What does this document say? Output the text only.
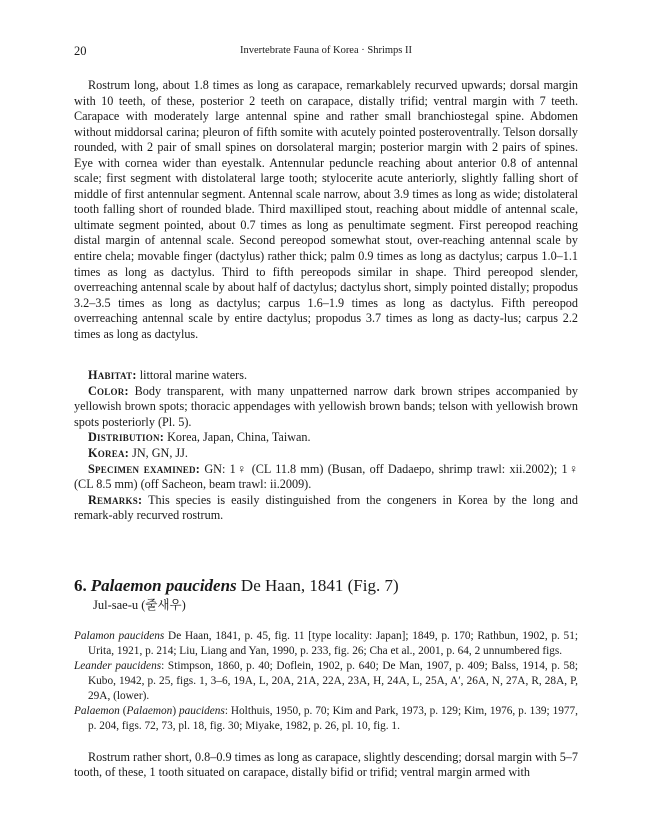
20	Invertebrate Fauna of Korea · Shrimps II

Rostrum long, about 1.8 times as long as carapace, remarkablely recurved upwards; dorsal margin with 10 teeth, of these, posterior 2 teeth on carapace, distally trifid; ventral margin with 7 teeth. Carapace with moderately large antennal spine and rather small branchiostegal spine. Abdomen without middorsal carina; pleuron of fifth somite with acutely pointed posteroventrally. Telson dorsally rounded, with 2 pair of small spines on dorsolateral margin; posterior margin with 2 pairs of spines. Eye with cornea wider than eyestalk. Antennular peduncle reaching about anterior 0.8 of antennal scale; first segment with distolateral large tooth; stylocerite acute anteriorly, slightly falling short of middle of first antennular segment. Antennal scale narrow, about 3.9 times as long as wide; distolateral tooth falling short of rounded blade. Third maxilliped stout, reaching about middle of antennal scale, ultimate segment pointed, about 0.7 times as long as penultimate segment. First pereopod reaching distal margin of antennal scale. Second pereopod somewhat stout, over-reaching antennal scale by entire chela; movable finger (dactylus) rather thick; palm 0.9 times as long as dactylus; carpus 1.0–1.1 times as long as dactylus. Third to fifth pereopods similar in shape. Third pereopod slender, overreaching antennal scale by about half of dactylus; dactylus short, simply pointed distally; propodus 3.2–3.5 times as long as dactylus; carpus 1.6–1.9 times as long as dactylus. Fifth pereopod overreaching antennal scale by entire dactylus; propodus 3.7 times as long as dacty-lus; carpus 2.2 times as long as dactylus.

Habitat: littoral marine waters.

Color: Body transparent, with many unpatterned narrow dark brown stripes accompanied by yellowish brown spots; thoracic appendages with yellowish brown bands; telson with yellowish brown spots posteriorly (Pl. 5).

Distribution: Korea, Japan, China, Taiwan.

Korea: JN, GN, JJ.

Specimen examined: GN: 1♀ (CL 11.8 mm) (Busan, off Dadaepo, shrimp trawl: xii.2002); 1♀ (CL 8.5 mm) (off Sacheon, beam trawl: ii.2009).

Remarks: This species is easily distinguished from the congeners in Korea by the long and remark-ably recurved rostrum.

6. Palaemon paucidens De Haan, 1841 (Fig. 7)
Jul-sae-u (줄새우)

Palamon paucidens De Haan, 1841, p. 45, fig. 11 [type locality: Japan]; 1849, p. 170; Rathbun, 1902, p. 51; Urita, 1921, p. 214; Liu, Liang and Yan, 1990, p. 233, fig. 26; Cha et al., 2001, p. 64, 2 unnumbered figs.

Leander paucidens: Stimpson, 1860, p. 40; Doflein, 1902, p. 640; De Man, 1907, p. 409; Balss, 1914, p. 58; Kubo, 1942, p. 25, figs. 1, 3–6, 19A, L, 20A, 21A, 22A, 23A, H, 24A, L, 25A, A′, 26A, N, 27A, R, 28A, P, 29A, (lower).

Palaemon (Palaemon) paucidens: Holthuis, 1950, p. 70; Kim and Park, 1973, p. 129; Kim, 1976, p. 139; 1977, p. 204, figs. 72, 73, pl. 18, fig. 30; Miyake, 1982, p. 26, pl. 10, fig. 1.

Rostrum rather short, 0.8–0.9 times as long as carapace, slightly descending; dorsal margin with 5–7 tooth, of these, 1 tooth situated on carapace, distally bifid or trifid; ventral margin armed with
